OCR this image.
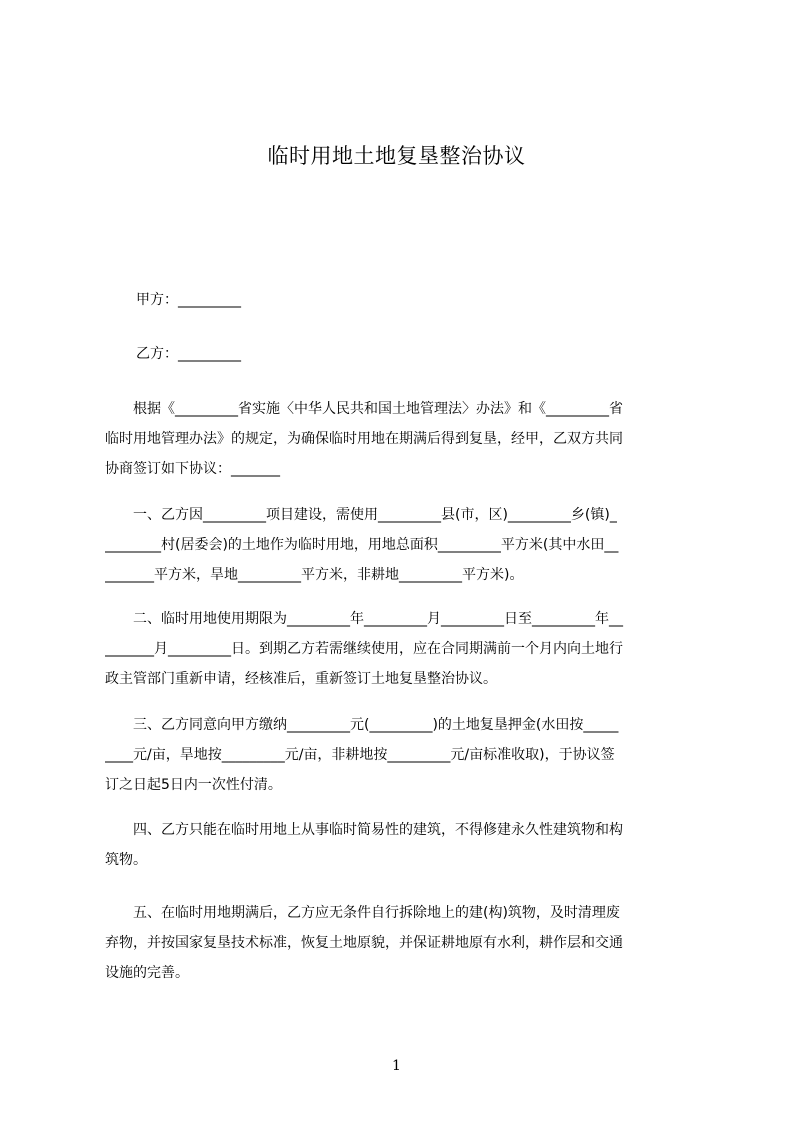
临时用地土地复垦整治协议

甲方：_________

乙方：_________

　　根据《_________省实施〈中华人民共和国土地管理法〉办法》和《_________省
临时用地管理办法》的规定，为确保临时用地在期满后得到复垦，经甲，乙双方共同
协商签订如下协议：_______
　　一、乙方因_________项目建设，需使用_________县(市，区)_________乡(镇)_
________村(居委会)的土地作为临时用地，用地总面积_________平方米(其中水田__
_______平方米，旱地_________平方米，非耕地_________平方米)。
　　二、临时用地使用期限为_________年_________月_________日至_________年__
_______月_________日。到期乙方若需继续使用，应在合同期满前一个月内向土地行
政主管部门重新申请，经核准后，重新签订土地复垦整治协议。
　　三、乙方同意向甲方缴纳_________元(_________)的土地复垦押金(水田按_____
____元/亩，旱地按_________元/亩，非耕地按_________元/亩标准收取)，于协议签
订之日起5日内一次性付清。
　　四、乙方只能在临时用地上从事临时简易性的建筑，不得修建永久性建筑物和构
筑物。
　　五、在临时用地期满后，乙方应无条件自行拆除地上的建(构)筑物，及时清理废
弃物，并按国家复垦技术标准，恢复土地原貌，并保证耕地原有水利，耕作层和交通
设施的完善。
1
